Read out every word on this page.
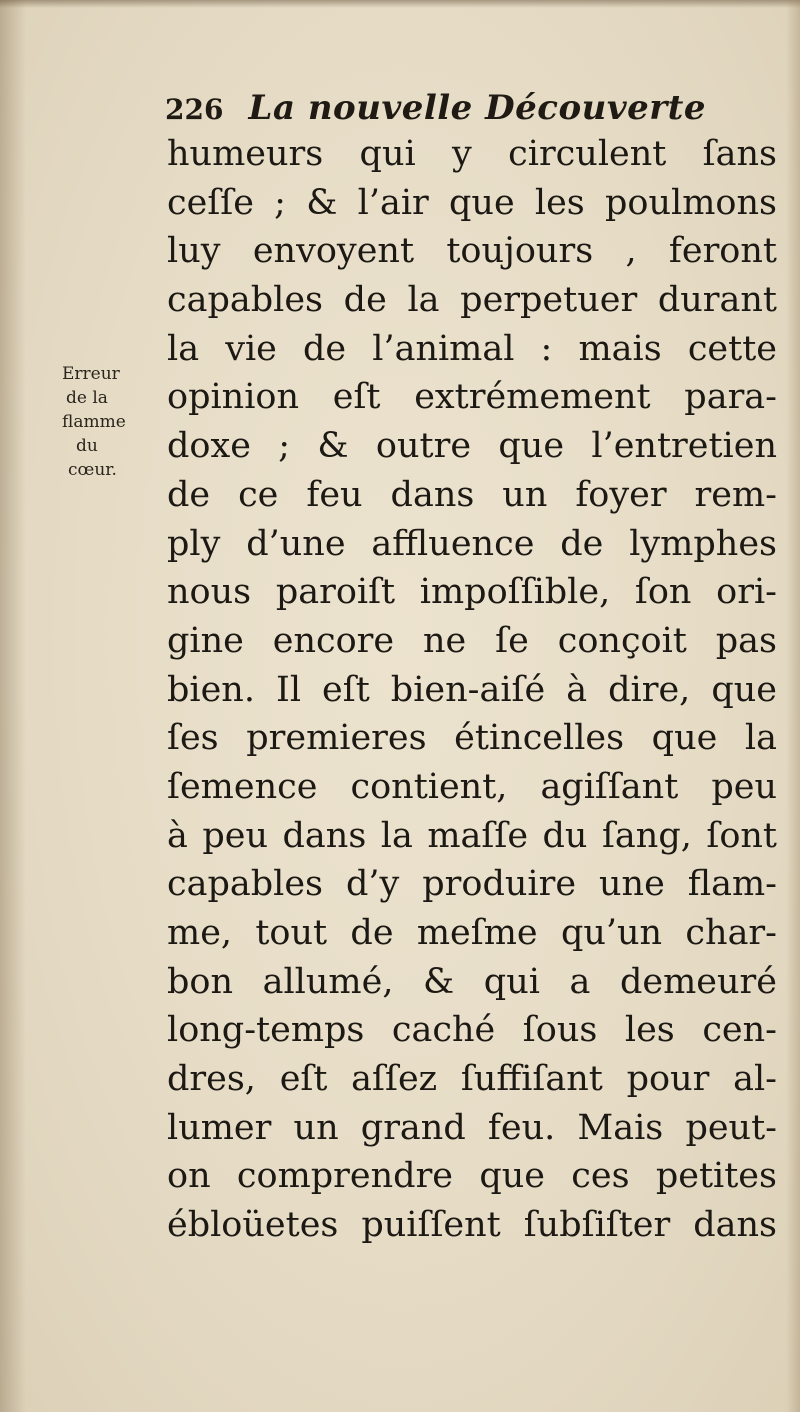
226 La nouvelle Découverte
Erreur
de la
flamme
du
cœur.
humeurs qui y circulent ſans
ceſſe ; & l’air que les poulmons
luy envoyent toujours , feront
capables de la perpetuer durant
la vie de l’animal : mais cette
opinion eſt extrémement para-
doxe ; & outre que l’entretien
de ce feu dans un foyer rem-
ply d’une affluence de lymphes
nous paroiſt impoſſible, ſon ori-
gine encore ne ſe conçoit pas
bien. Il eſt bien-aiſé à dire, que
ſes premieres étincelles que la
ſemence contient, agiſſant peu
à peu dans la maſſe du ſang, ſont
capables d’y produire une flam-
me, tout de meſme qu’un char-
bon allumé, & qui a demeuré
long-temps caché ſous les cen-
dres, eſt aſſez ſuffiſant pour al-
lumer un grand feu. Mais peut-
on comprendre que ces petites
ébloüetes puiſſent ſubſiſter dans
